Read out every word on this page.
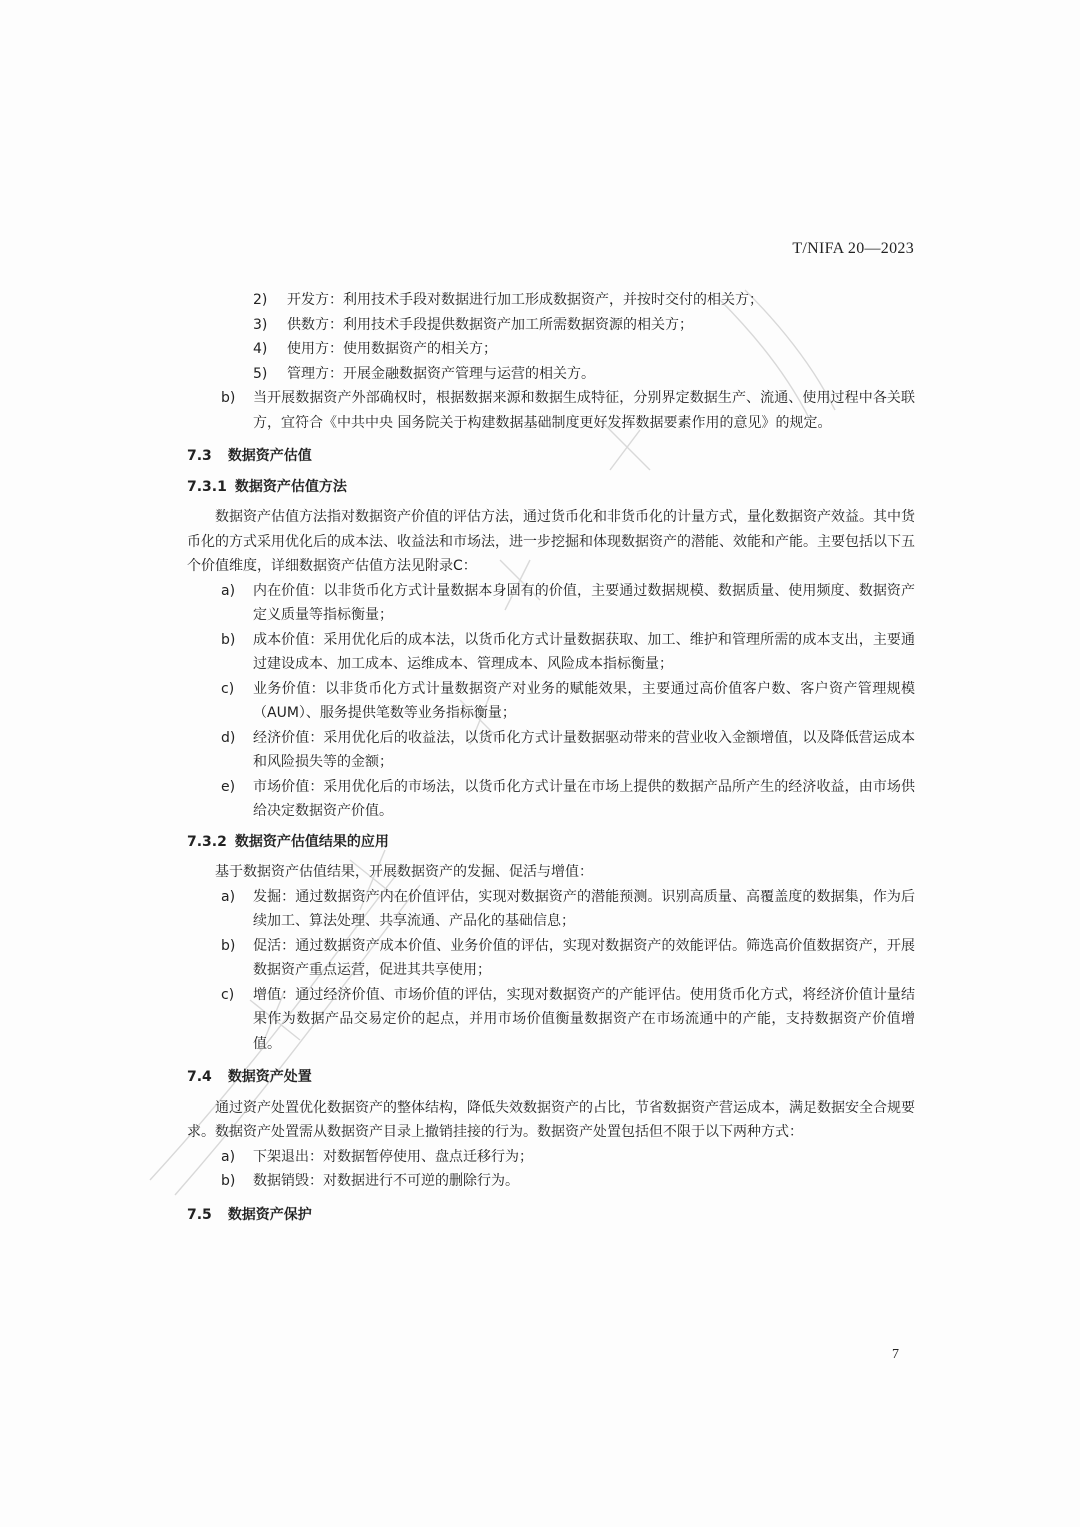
T/NIFA 20—2023
2) 开发方：利用技术手段对数据进行加工形成数据资产，并按时交付的相关方；
3) 供数方：利用技术手段提供数据资产加工所需数据资源的相关方；
4) 使用方：使用数据资产的相关方；
5) 管理方：开展金融数据资产管理与运营的相关方。
b) 当开展数据资产外部确权时，根据数据来源和数据生成特征，分别界定数据生产、流通、使用过程中各关联方，宜符合《中共中央 国务院关于构建数据基础制度更好发挥数据要素作用的意见》的规定。
7.3 数据资产估值
7.3.1 数据资产估值方法
数据资产估值方法指对数据资产价值的评估方法，通过货币化和非货币化的计量方式，量化数据资产效益。其中货币化的方式采用优化后的成本法、收益法和市场法，进一步挖掘和体现数据资产的潜能、效能和产能。主要包括以下五个价值维度，详细数据资产估值方法见附录C：
a) 内在价值：以非货币化方式计量数据本身固有的价值，主要通过数据规模、数据质量、使用频度、数据资产定义质量等指标衡量；
b) 成本价值：采用优化后的成本法，以货币化方式计量数据获取、加工、维护和管理所需的成本支出，主要通过建设成本、加工成本、运维成本、管理成本、风险成本指标衡量；
c) 业务价值：以非货币化方式计量数据资产对业务的赋能效果，主要通过高价值客户数、客户资产管理规模（AUM）、服务提供笔数等业务指标衡量；
d) 经济价值：采用优化后的收益法，以货币化方式计量数据驱动带来的营业收入金额增值，以及降低营运成本和风险损失等的金额；
e) 市场价值：采用优化后的市场法，以货币化方式计量在市场上提供的数据产品所产生的经济收益，由市场供给决定数据资产价值。
7.3.2 数据资产估值结果的应用
基于数据资产估值结果，开展数据资产的发掘、促活与增值：
a) 发掘：通过数据资产内在价值评估，实现对数据资产的潜能预测。识别高质量、高覆盖度的数据集，作为后续加工、算法处理、共享流通、产品化的基础信息；
b) 促活：通过数据资产成本价值、业务价值的评估，实现对数据资产的效能评估。筛选高价值数据资产，开展数据资产重点运营，促进其共享使用；
c) 增值：通过经济价值、市场价值的评估，实现对数据资产的产能评估。使用货币化方式，将经济价值计量结果作为数据产品交易定价的起点，并用市场价值衡量数据资产在市场流通中的产能，支持数据资产价值增值。
7.4 数据资产处置
通过资产处置优化数据资产的整体结构，降低失效数据资产的占比，节省数据资产营运成本，满足数据安全合规要求。数据资产处置需从数据资产目录上撤销挂接的行为。数据资产处置包括但不限于以下两种方式：
a) 下架退出：对数据暂停使用、盘点迁移行为；
b) 数据销毁：对数据进行不可逆的删除行为。
7.5 数据资产保护
7
